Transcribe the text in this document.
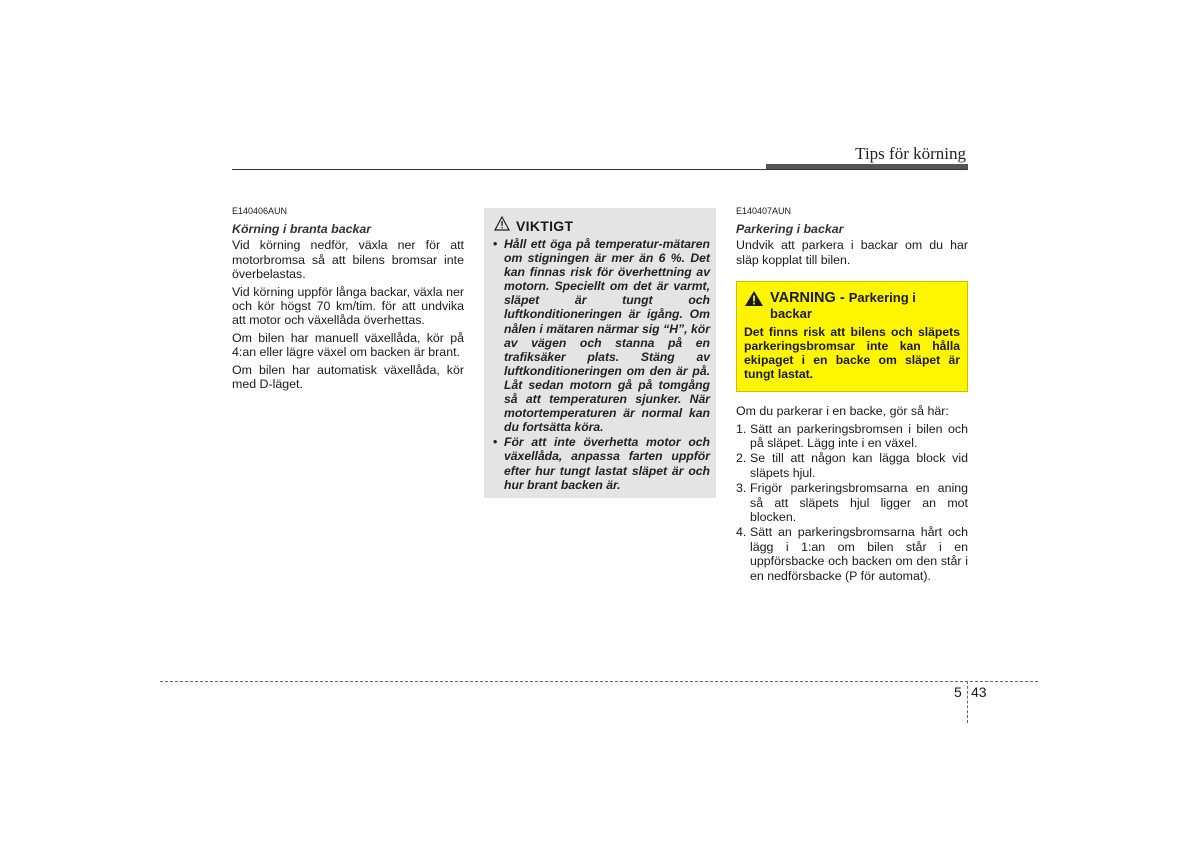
Tips för körning
E140406AUN
Körning i branta backar

Vid körning nedför, växla ner för att motorbromsa så att bilens bromsar inte överbelastas.

Vid körning uppför långa backar, växla ner och kör högst 70 km/tim. för att undvika att motor och växellåda överhettas.

Om bilen har manuell växellåda, kör på 4:an eller lägre växel om backen är brant.

Om bilen har automatisk växellåda, kör med D-läget.

VIKTIGT
• Håll ett öga på temperatur-mätaren om stigningen är mer än 6 %. Det kan finnas risk för överhettning av motorn. Speciellt om det är varmt, släpet är tungt och luftkonditioneringen är igång. Om nålen i mätaren närmar sig “H”, kör av vägen och stanna på en trafiksäker plats. Stäng av luftkonditioneringen om den är på. Låt sedan motorn gå på tomgång så att temperaturen sjunker. När motortemperaturen är normal kan du fortsätta köra.
• För att inte överhetta motor och växellåda, anpassa farten uppför efter hur tungt lastat släpet är och hur brant backen är.
E140407AUN
Parkering i backar

Undvik att parkera i backar om du har släp kopplat till bilen.

VARNING - Parkering i backar
Det finns risk att bilens och släpets parkeringsbromsar inte kan hålla ekipaget i en backe om släpet är tungt lastat.

Om du parkerar i en backe, gör så här:

1. Sätt an parkeringsbromsen i bilen och på släpet. Lägg inte i en växel.
2. Se till att någon kan lägga block vid släpets hjul.
3. Frigör parkeringsbromsarna en aning så att släpets hjul ligger an mot blocken.
4. Sätt an parkeringsbromsarna hårt och lägg i 1:an om bilen står i en uppförsbacke och backen om den står i en nedförsbacke (P för automat).
5 43
